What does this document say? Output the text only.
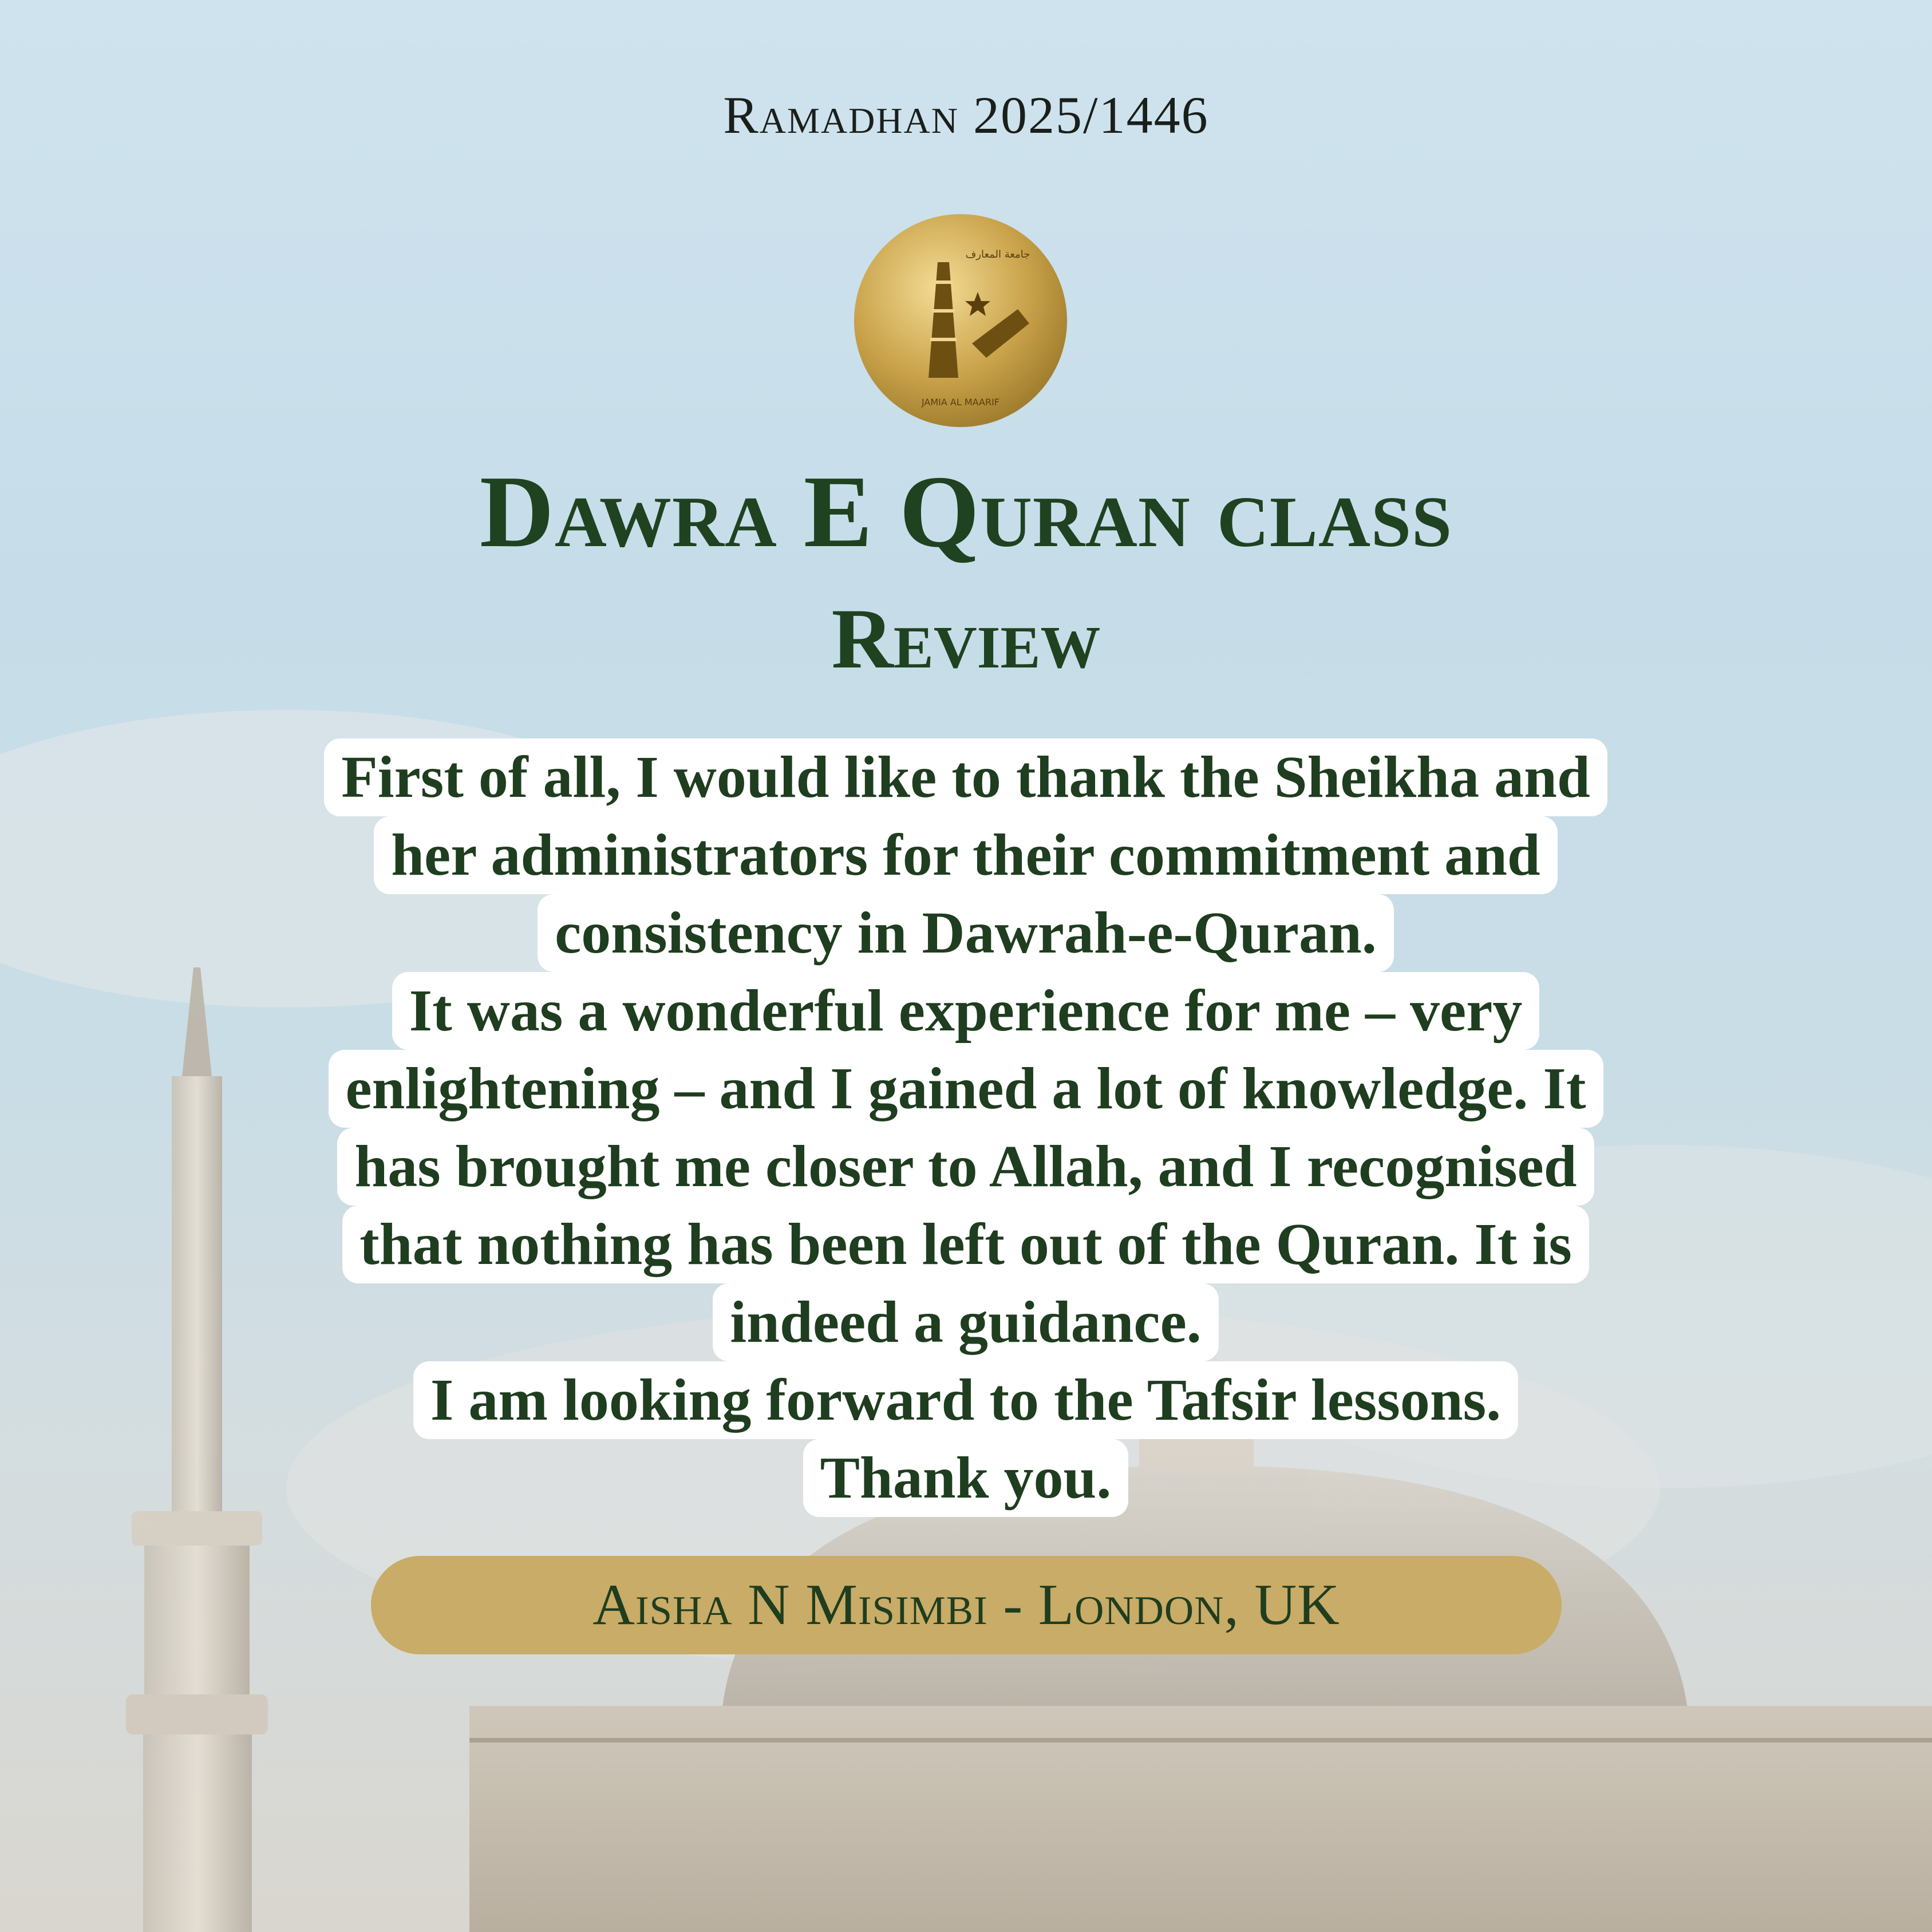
Ramadhan 2025/1446
JAMIA AL MAARIF
جامعة المعارف
Dawra E Quran class
Review
First of all, I would like to thank the Sheikha and
her administrators for their commitment and
consistency in Dawrah-e-Quran.
It was a wonderful experience for me – very
enlightening – and I gained a lot of knowledge. It
has brought me closer to Allah, and I recognised
that nothing has been left out of the Quran. It is
indeed a guidance.
I am looking forward to the Tafsir lessons.
Thank you.
Aisha N Misimbi - London, UK
